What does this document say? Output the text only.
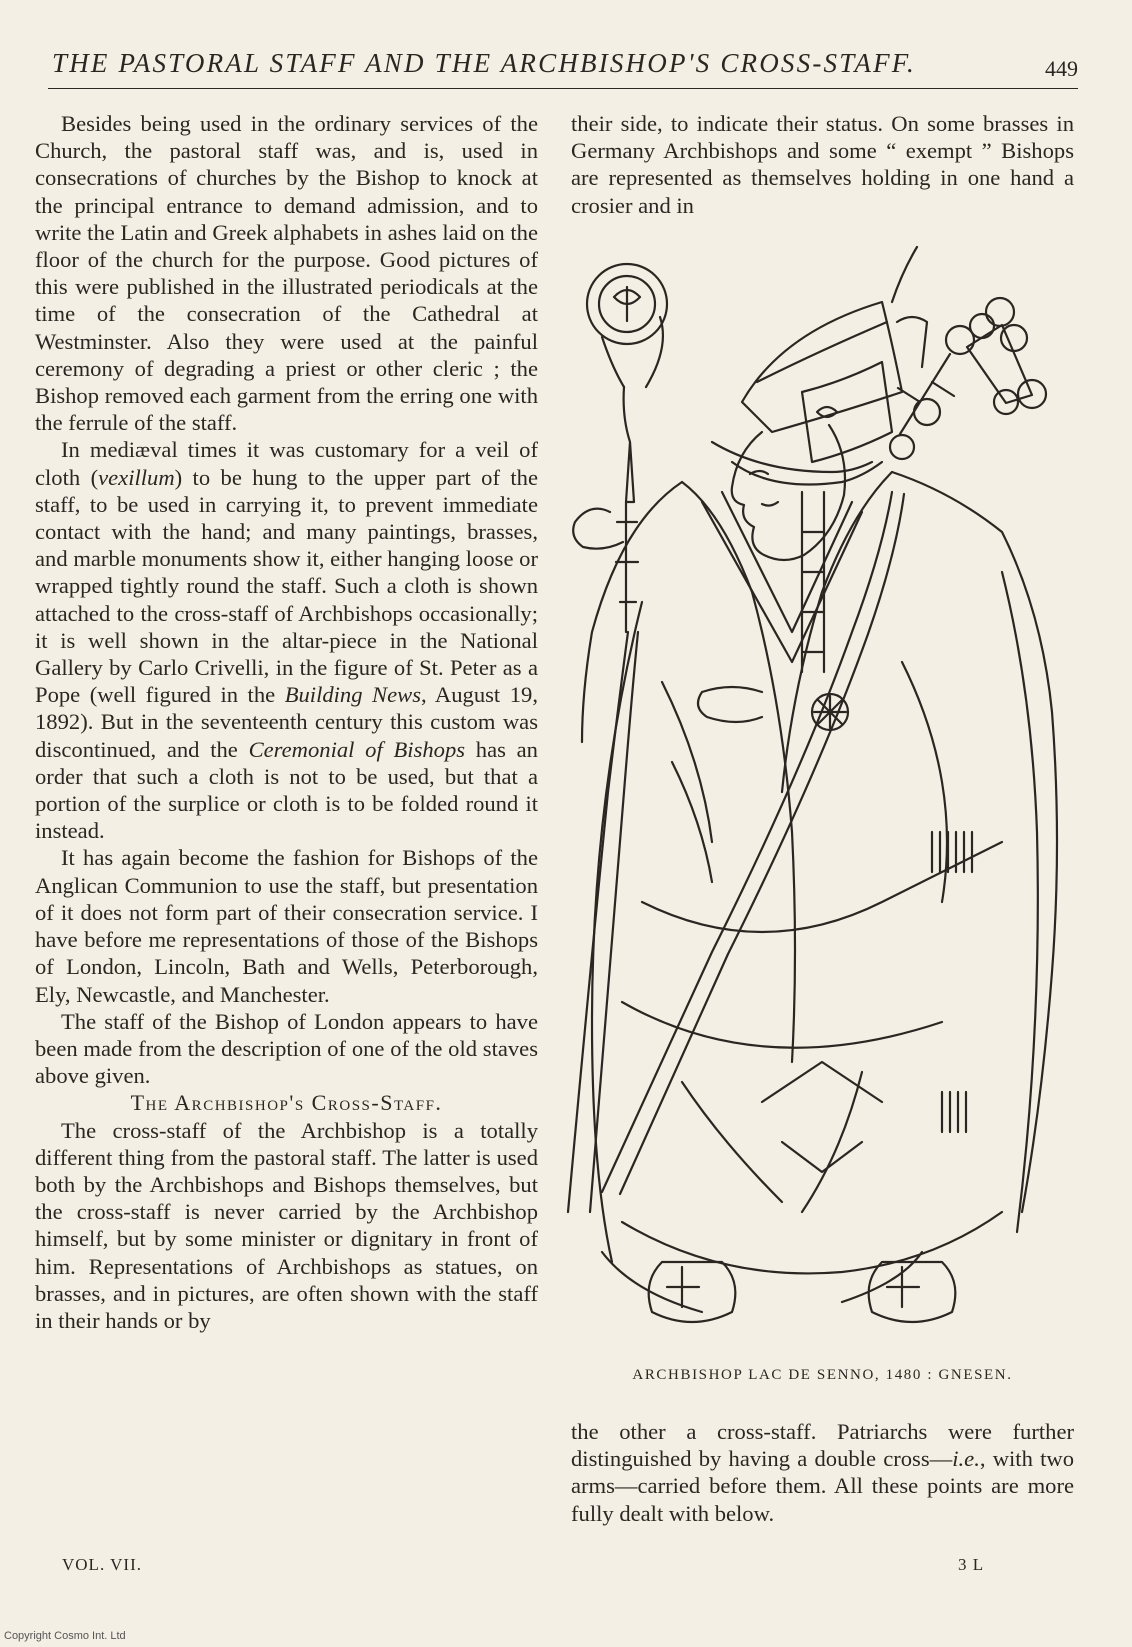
THE PASTORAL STAFF AND THE ARCHBISHOP'S CROSS-STAFF.	449

Besides being used in the ordinary services of the Church, the pastoral staff was, and is, used in consecrations of churches by the Bishop to knock at the principal entrance to demand admission, and to write the Latin and Greek alphabets in ashes laid on the floor of the church for the purpose. Good pictures of this were published in the illustrated periodicals at the time of the consecration of the Cathedral at Westminster. Also they were used at the painful ceremony of degrading a priest or other cleric ; the Bishop removed each garment from the erring one with the ferrule of the staff.

In mediæval times it was customary for a veil of cloth (vexillum) to be hung to the upper part of the staff, to be used in carrying it, to prevent immediate contact with the hand; and many paintings, brasses, and marble monuments show it, either hanging loose or wrapped tightly round the staff. Such a cloth is shown attached to the cross-staff of Archbishops occasionally; it is well shown in the altar-piece in the National Gallery by Carlo Crivelli, in the figure of St. Peter as a Pope (well figured in the Building News, August 19, 1892). But in the seventeenth century this custom was discontinued, and the Ceremonial of Bishops has an order that such a cloth is not to be used, but that a portion of the surplice or cloth is to be folded round it instead.

It has again become the fashion for Bishops of the Anglican Communion to use the staff, but presentation of it does not form part of their consecration service. I have before me representations of those of the Bishops of London, Lincoln, Bath and Wells, Peterborough, Ely, Newcastle, and Manchester.

The staff of the Bishop of London appears to have been made from the description of one of the old staves above given.

The Archbishop's Cross-Staff.

The cross-staff of the Archbishop is a totally different thing from the pastoral staff. The latter is used both by the Archbishops and Bishops themselves, but the cross-staff is never carried by the Archbishop himself, but by some minister or dignitary in front of him. Representations of Archbishops as statues, on brasses, and in pictures, are often shown with the staff in their hands or by

their side, to indicate their status. On some brasses in Germany Archbishops and some “ exempt ” Bishops are represented as themselves holding in one hand a crosier and in

ARCHBISHOP LAC DE SENNO, 1480 : GNESEN.

the other a cross-staff. Patriarchs were further distinguished by having a double cross—i.e., with two arms—carried before them. All these points are more fully dealt with below.

VOL. VII.	3 L
Copyright Cosmo Int. Ltd
